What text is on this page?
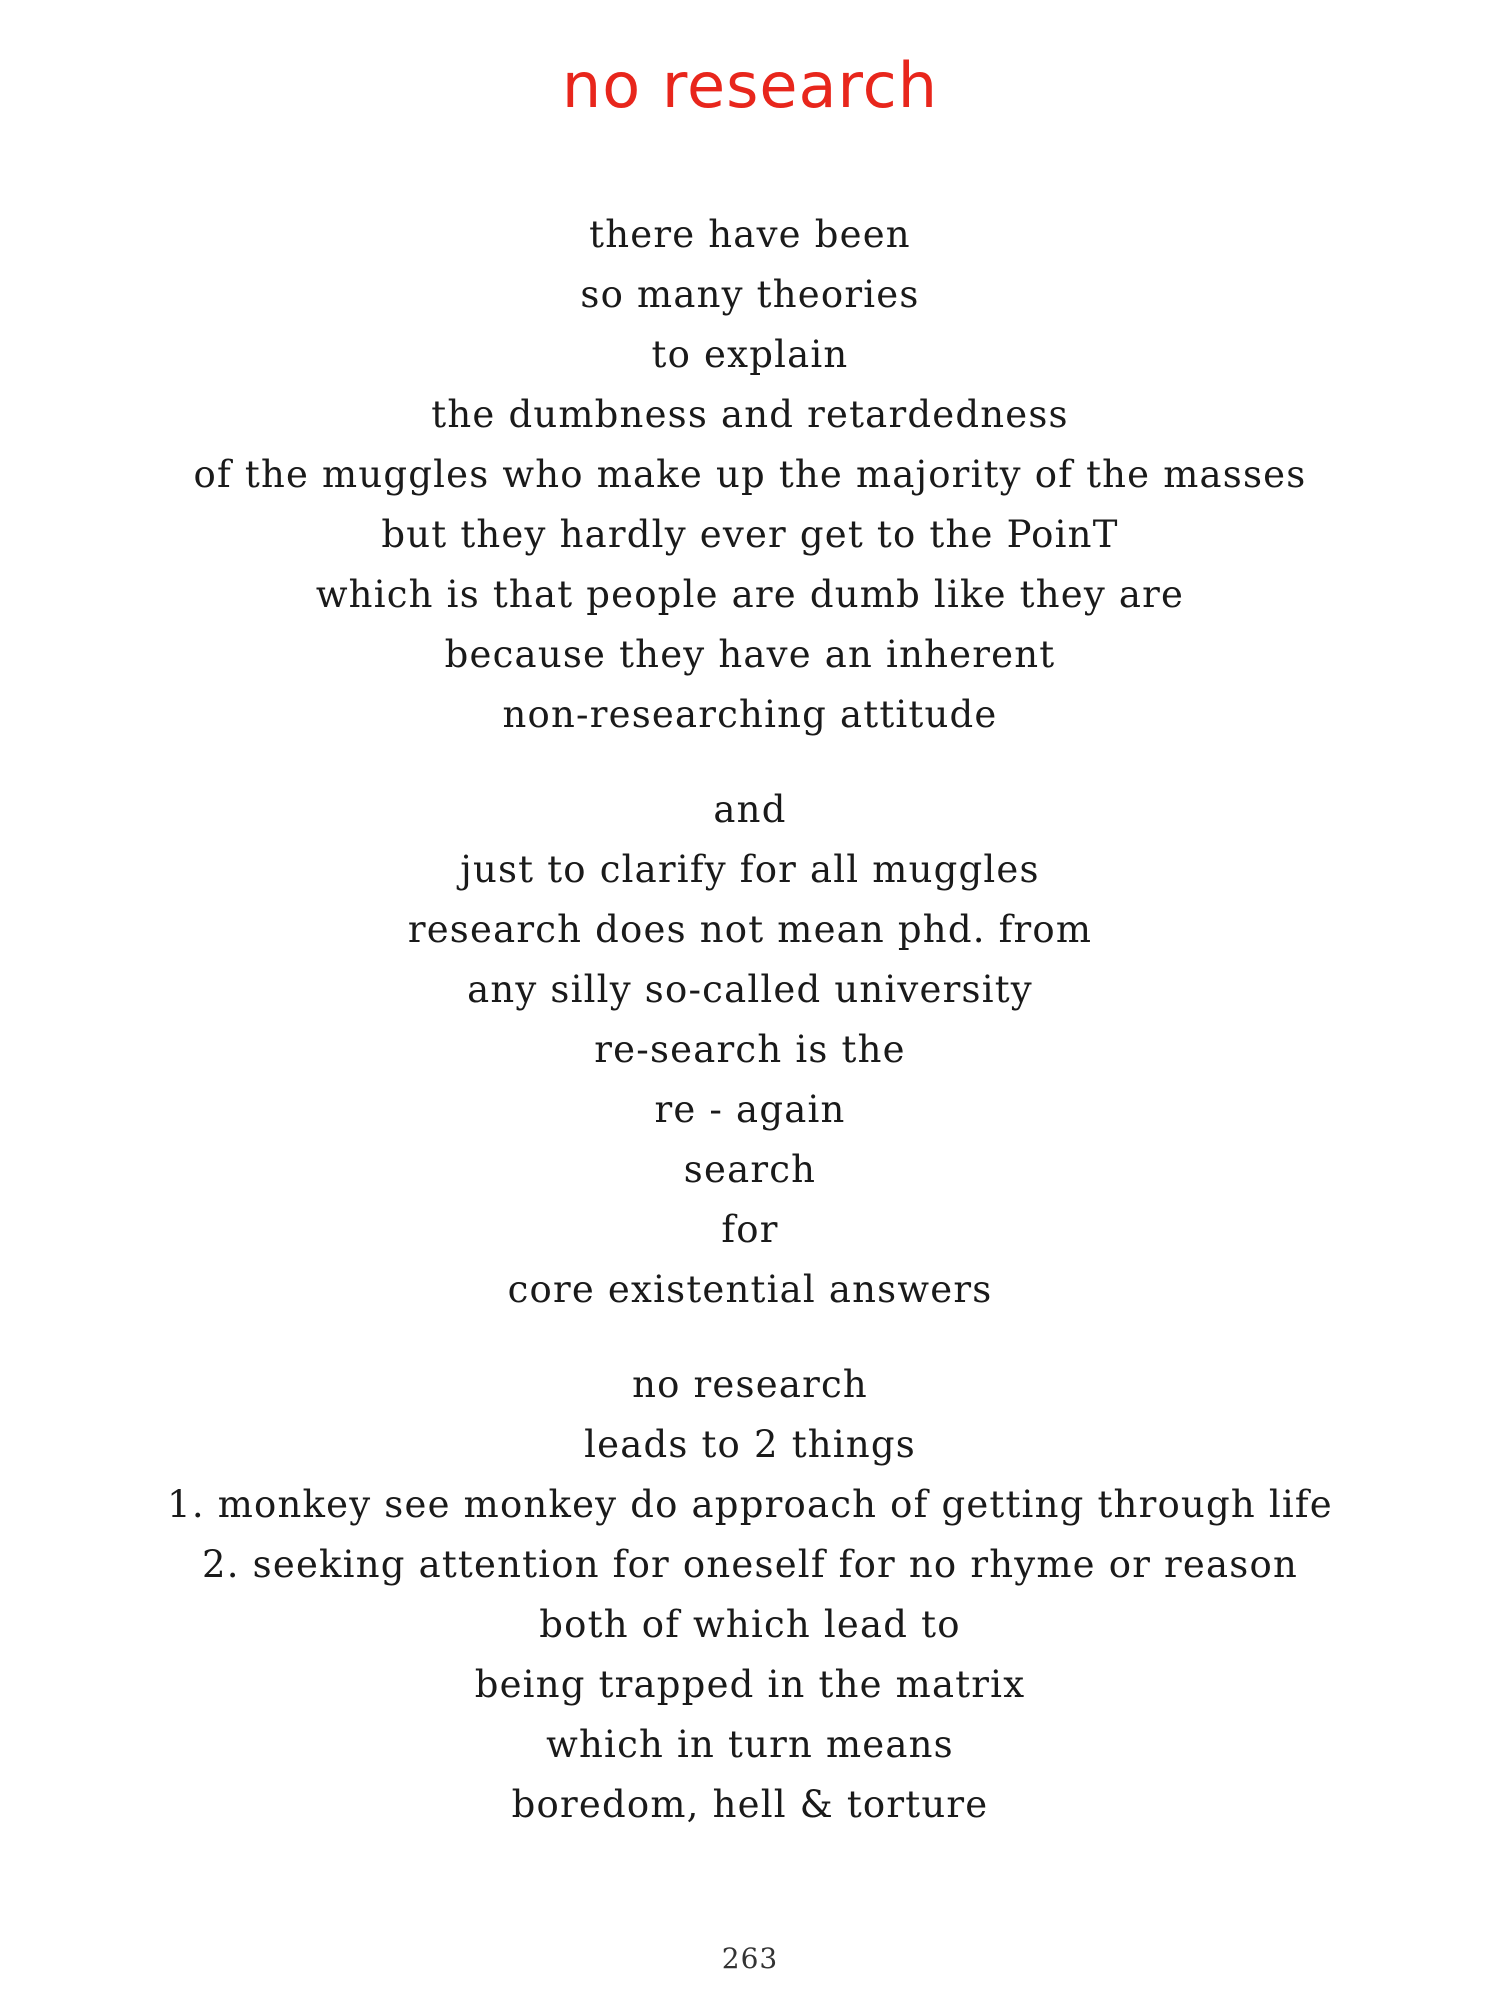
no research
there have been
so many theories
to explain
the dumbness and retardedness
of the muggles who make up the majority of the masses
but they hardly ever get to the PoinT
which is that people are dumb like they are
because they have an inherent
non-researching attitude
and
just to clarify for all muggles
research does not mean phd. from
any silly so-called university
re-search is the
re - again
search
for
core existential answers
no research
leads to 2 things
1. monkey see monkey do approach of getting through life
2. seeking attention for oneself for no rhyme or reason
both of which lead to
being trapped in the matrix
which in turn means
boredom, hell & torture
263
